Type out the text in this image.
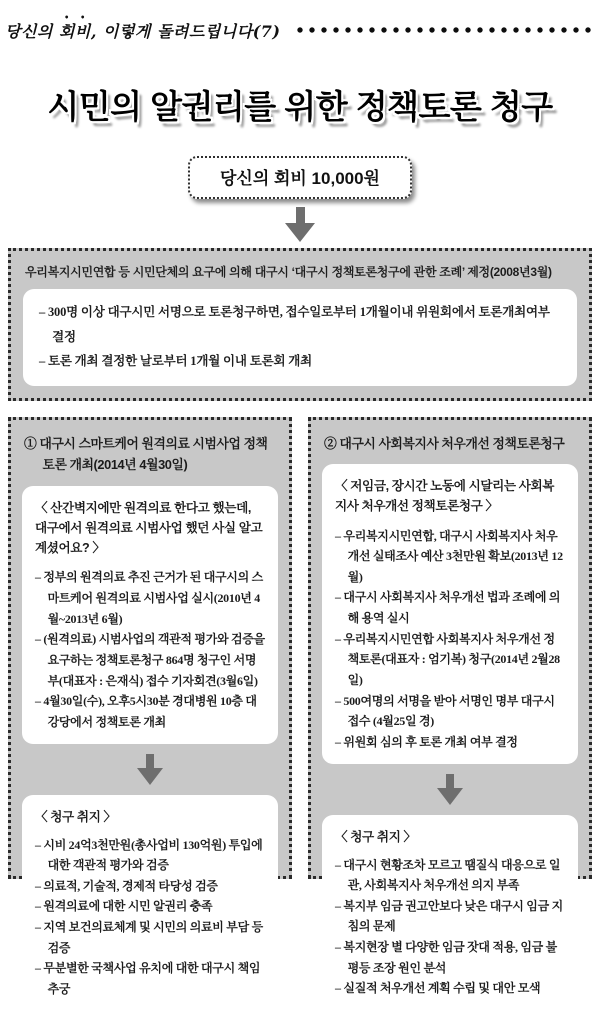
당신의 회비, 이렇게 돌려드립니다(7)
시민의 알권리를 위한 정책토론 청구
당신의 회비 10,000원
우리복지시민연합 등 시민단체의 요구에 의해 대구시 ‘대구시 정책토론청구에 관한 조례’ 제정(2008년3월)
– 300명 이상 대구시민 서명으로 토론청구하면, 접수일로부터 1개월이내 위원회에서 토론개최여부 결정
– 토론 개최 결정한 날로부터 1개월 이내 토론회 개최
① 대구시 스마트케어 원격의료 시범사업 정책토론 개최(2014년 4월30일)
〈 산간벽지에만 원격의료 한다고 했는데, 대구에서 원격의료 시범사업 했던 사실 알고 계셨어요? 〉
– 정부의 원격의료 추진 근거가 된 대구시의 스마트케어 원격의료 시범사업 실시(2010년 4월~2013년 6월)
– (원격의료) 시범사업의 객관적 평가와 검증을 요구하는 정책토론청구 864명 청구인 서명부(대표자 : 은재식) 접수 기자회견(3월6일)
– 4월30일(수), 오후5시30분 경대병원 10층 대강당에서 정책토론 개최
〈 청구 취지 〉
– 시비 24억3천만원(총사업비 130억원) 투입에 대한 객관적 평가와 검증
– 의료적, 기술적, 경제적 타당성 검증
– 원격의료에 대한 시민 알권리 충족
– 지역 보건의료체계 및 시민의 의료비 부담 등 검증
– 무분별한 국책사업 유치에 대한 대구시 책임 추궁
② 대구시 사회복지사 처우개선 정책토론청구
〈 저임금, 장시간 노동에 시달리는 사회복지사 처우개선 정책토론청구 〉
– 우리복지시민연합, 대구시 사회복지사 처우개선 실태조사 예산 3천만원 확보(2013년 12월)
– 대구시 사회복지사 처우개선 법과 조례에 의해 용역 실시
– 우리복지시민연합 사회복지사 처우개선 정책토론(대표자 : 엄기복) 청구(2014년 2월28일)
– 500여명의 서명을 받아 서명인 명부 대구시 접수 (4월25일 경)
– 위원회 심의 후 토론 개최 여부 결정
〈 청구 취지 〉
– 대구시 현황조차 모르고 땜질식 대응으로 일관, 사회복지사 처우개선 의지 부족
– 복지부 임금 권고안보다 낮은 대구시 임금 지침의 문제
– 복지현장 별 다양한 임금 잣대 적용, 임금 불평등 조장 원인 분석
– 실질적 처우개선 계획 수립 및 대안 모색
